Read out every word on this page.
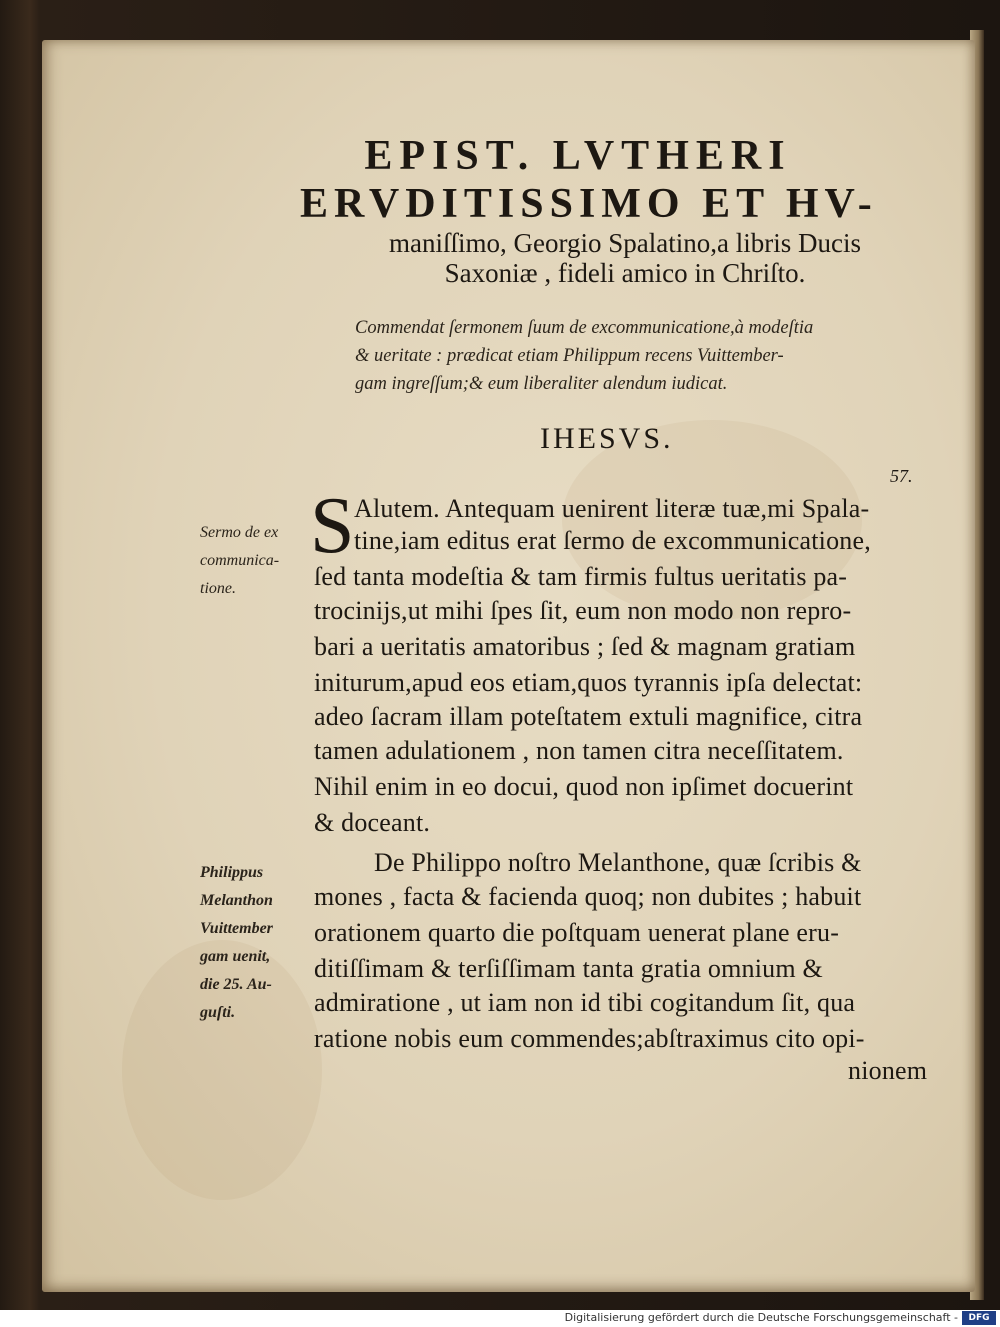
EPIST. LVTHERI
ERVDITISSIMO ET HV-
maniſſimo, Georgio Spalatino,a libris Ducis
Saxoniæ , fideli amico in Chriſto.
Commendat ſermonem ſuum de excommunicatione,à modeſtia
& ueritate : prædicat etiam Philippum recens Vuittember-
gam ingreſſum;& eum liberaliter alendum iudicat.
IHESVS.
57.
S Alutem. Antequam uenirent literæ tuæ,mi Spala-
tine,iam editus erat ſermo de excommunicatione,
ſed tanta modeſtia & tam firmis fultus ueritatis pa-
trocinijs,ut mihi ſpes ſit, eum non modo non repro-
bari a ueritatis amatoribus ; ſed & magnam gratiam
initurum,apud eos etiam,quos tyrannis ipſa delectat:
adeo ſacram illam poteſtatem extuli magnifice, citra
tamen adulationem , non tamen citra neceſſitatem.
Nihil enim in eo docui, quod non ipſimet docuerint
& doceant.
De Philippo noſtro Melanthone, quæ ſcribis &
mones , facta & facienda quoq; non dubites ; habuit
orationem quarto die poſtquam uenerat plane eru-
ditiſſimam & terſiſſimam tanta gratia omnium &
admiratione , ut iam non id tibi cogitandum ſit, qua
ratione nobis eum commendes;abſtraximus cito opi-
nionem
Sermo de ex
communica-
tione.
Philippus
Melanthon
Vuittember
gam uenit,
die 25. Au-
guſti.
Digitalisierung gefördert durch die Deutsche Forschungsgemeinschaft -	DFG
